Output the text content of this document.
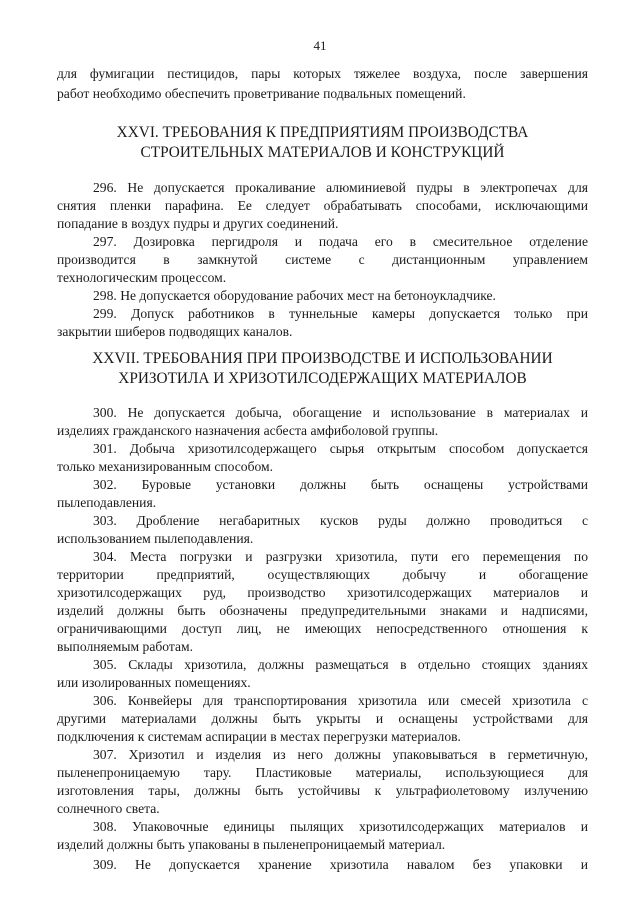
41

для фумигации пестицидов, пары которых тяжелее воздуха, после завершения

работ необходимо обеспечить проветривание подвальных помещений.

XXVI. ТРЕБОВАНИЯ К ПРЕДПРИЯТИЯМ ПРОИЗВОДСТВА
СТРОИТЕЛЬНЫХ МАТЕРИАЛОВ И КОНСТРУКЦИЙ

296. Не допускается прокаливание алюминиевой пудры в электропечах для

снятия пленки парафина. Ее следует обрабатывать способами, исключающими

попадание в воздух пудры и других соединений.

297. Дозировка пергидроля и подача его в смесительное отделение

производится в замкнутой системе с дистанционным управлением

технологическим процессом.

298. Не допускается оборудование рабочих мест на бетоноукладчике.

299. Допуск работников в туннельные камеры допускается только при

закрытии шиберов подводящих каналов.

XXVII. ТРЕБОВАНИЯ ПРИ ПРОИЗВОДСТВЕ И ИСПОЛЬЗОВАНИИ
ХРИЗОТИЛА И ХРИЗОТИЛСОДЕРЖАЩИХ МАТЕРИАЛОВ

300. Не допускается добыча, обогащение и использование в материалах и

изделиях гражданского назначения асбеста амфиболовой группы.

301. Добыча хризотилсодержащего сырья открытым способом допускается

только механизированным способом.

302. Буровые установки должны быть оснащены устройствами

пылеподавления.

303. Дробление негабаритных кусков руды должно проводиться с

использованием пылеподавления.

304. Места погрузки и разгрузки хризотила, пути его перемещения по

территории предприятий, осуществляющих добычу и обогащение

хризотилсодержащих руд, производство хризотилсодержащих материалов и

изделий должны быть обозначены предупредительными знаками и надписями,

ограничивающими доступ лиц, не имеющих непосредственного отношения к

выполняемым работам.

305. Склады хризотила, должны размещаться в отдельно стоящих зданиях

или изолированных помещениях.

306. Конвейеры для транспортирования хризотила или смесей хризотила с

другими материалами должны быть укрыты и оснащены устройствами для

подключения к системам аспирации в местах перегрузки материалов.

307. Хризотил и изделия из него должны упаковываться в герметичную,

пыленепроницаемую тару. Пластиковые материалы, использующиеся для

изготовления тары, должны быть устойчивы к ультрафиолетовому излучению

солнечного света.

308. Упаковочные единицы пылящих хризотилсодержащих материалов и

изделий должны быть упакованы в пыленепроницаемый материал.

309. Не допускается хранение хризотила навалом без упаковки и
